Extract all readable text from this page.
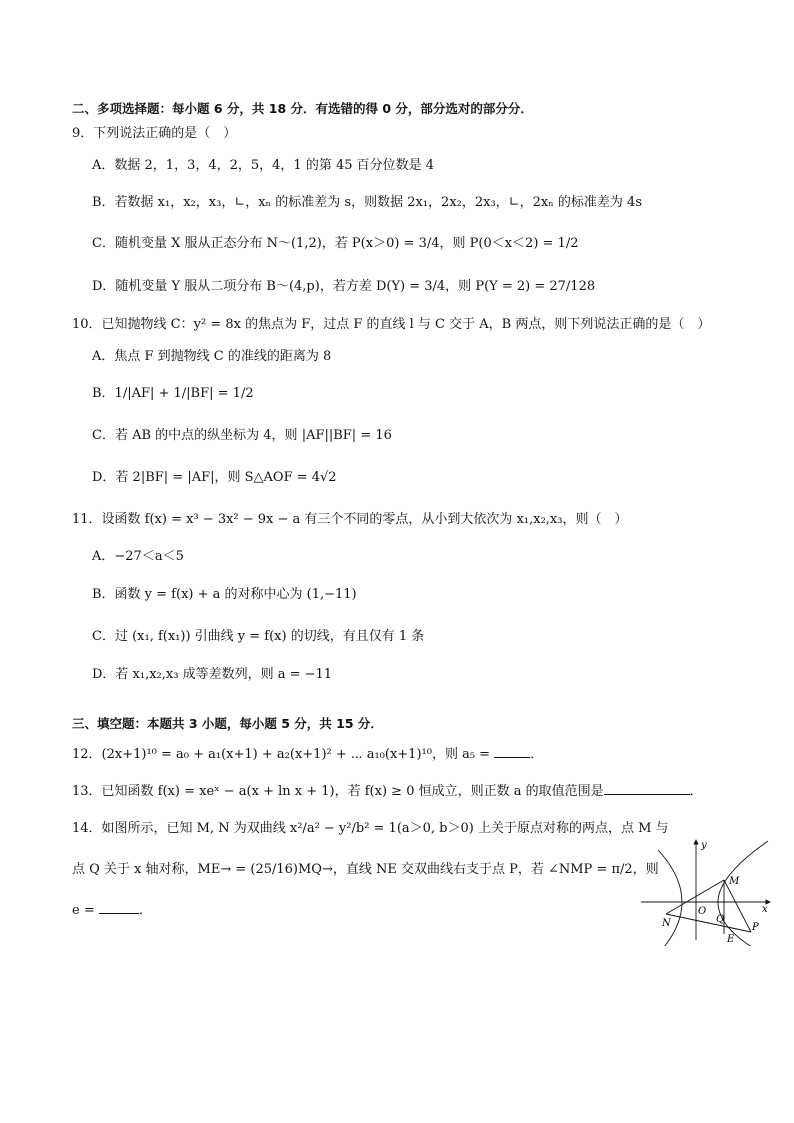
二、多项选择题：每小题 6 分，共 18 分．有选错的得 0 分，部分选对的部分分．
9．下列说法正确的是（　）
A．数据 2，1，3，4，2，5，4，1 的第 45 百分位数是 4
B．若数据 x₁，x₂，x₃，∟，xₙ 的标准差为 s，则数据 2x₁，2x₂，2x₃，∟，2xₙ 的标准差为 4s
C．随机变量 X 服从正态分布 N～(1,2)，若 P(x＞0) = 3/4，则 P(0＜x＜2) = 1/2
D．随机变量 Y 服从二项分布 B～(4,p)，若方差 D(Y) = 3/4，则 P(Y = 2) = 27/128
10．已知抛物线 C：y² = 8x 的焦点为 F，过点 F 的直线 l 与 C 交于 A，B 两点，则下列说法正确的是（　）
A．焦点 F 到抛物线 C 的准线的距离为 8
B．1/|AF| + 1/|BF| = 1/2
C．若 AB 的中点的纵坐标为 4，则 |AF||BF| = 16
D．若 2|BF| = |AF|，则 S△AOF = 4√2
11．设函数 f(x) = x³ − 3x² − 9x − a 有三个不同的零点，从小到大依次为 x₁,x₂,x₃，则（　）
A．−27＜a＜5
B．函数 y = f(x) + a 的对称中心为 (1,−11)
C．过 (x₁, f(x₁)) 引曲线 y = f(x) 的切线，有且仅有 1 条
D．若 x₁,x₂,x₃ 成等差数列，则 a = −11
三、填空题：本题共 3 小题，每小题 5 分，共 15 分．
12．(2x+1)¹⁰ = a₀ + a₁(x+1) + a₂(x+1)² + ⋯ a₁₀(x+1)¹⁰，则 a₅ =	．
13．已知函数 f(x) = xeˣ − a(x + ln x + 1)，若 f(x) ≥ 0 恒成立，则正数 a 的取值范围是	．
14．如图所示，已知 M, N 为双曲线 x²/a² − y²/b² = 1(a＞0, b＞0) 上关于原点对称的两点，点 M 与
点 Q 关于 x 轴对称，ME→ = (25/16)MQ→，直线 NE 交双曲线右支于点 P，若 ∠NMP = π/2，则
e =	．
y
x
O
M
N	Q
E
P
